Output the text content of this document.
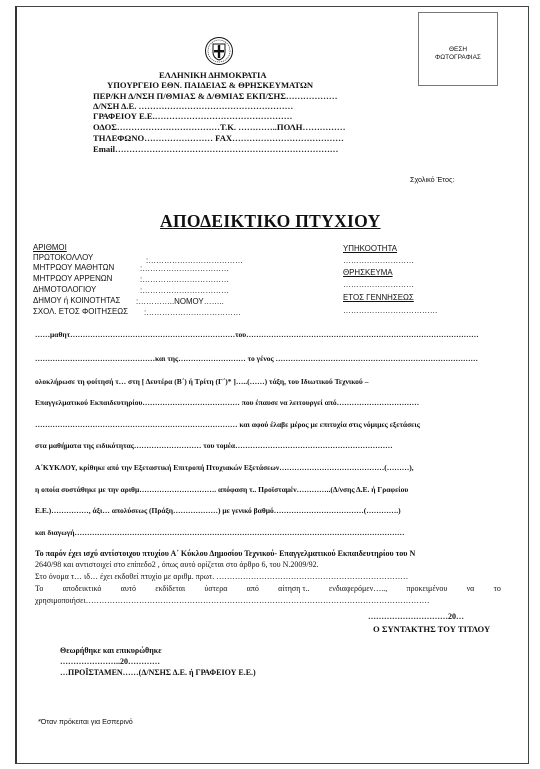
ΘΕΣΗ
ΦΩΤΟΓΡΑΦΙΑΣ
ΕΛΛΗΝΙΚΗ ΔΗΜΟΚΡΑΤΙΑ
ΥΠΟΥΡΓΕΙΟ ΕΘΝ. ΠΑΙΔΕΙΑΣ & ΘΡΗΣΚΕΥΜΑΤΩΝ
ΠΕΡ/ΚΗ Δ/ΝΣΗ Π/ΘΜΙΑΣ & Δ/ΘΜΙΑΣ ΕΚΠ/ΣΗΣ………………
Δ/ΝΣΗ Δ.Ε. ………………………………………………
ΓΡΑΦΕΙΟΥ Ε.Ε.…………………………………………
ΟΔΟΣ………………………………Τ.Κ. …………..ΠΟΛΗ……………
ΤΗΛΕΦΩΝΟ…………………… FAX…………………………………
Email……………………………………………………………………
Σχολικό Έτος:
ΑΠΟΔΕΙΚΤΙΚΟ ΠΤΥΧΙΟΥ
ΑΡΙΘΜΟΙ
ΠΡΩΤΟΚΟΛΛΟΥ	:………………………………
ΜΗΤΡΩΟΥ ΜΑΘΗΤΩΝ	:……………………………
ΜΗΤΡΩΟΥ ΑΡΡΕΝΩΝ	:……………………………
ΔΗΜΟΤΟΛΟΓΙΟΥ	:……………………………
ΔΗΜΟΥ ή ΚΟΙΝΟΤΗΤΑΣ :…………..ΝΟΜΟΥ……..
ΣΧΟΛ. ΕΤΟΣ ΦΟΙΤΗΣΕΩΣ :………………………………
ΥΠΗΚΟΟΤΗΤΑ
………………………
ΘΡΗΣΚΕΥΜΑ
………………………
ΕΤΟΣ ΓΕΝΝΗΣΕΩΣ
………………………………
……μαθητ…………………………………………………………του…………………………………………………………………………………
…………………………………………και της……………………… το γένος ………………………………………………………………………
ολοκλήρωσε τη φοίτησή τ… στη [ Δευτέρα (Β΄) ή Τρίτη (Γ΄)* ]…..(……) τάξη, του Ιδιωτικού Τεχνικού –
Επαγγελματικού Εκπαιδευτηρίου………………………………… που έπαυσε να λειτουργεί από……………………………
……………………………………………………………………… και αφού έλαβε μέρος με επιτυχία στις νόμιμες εξετάσεις
στα μαθήματα της ειδικότητας……………………… του τομέα………………………………………………………
Α΄ΚΥΚΛΟΥ, κρίθηκε από την Εξεταστική Επιτροπή Πτυχιακών Εξετάσεων……………………………………(………),
η οποία συστάθηκε με την αριθμ…………………………. απόφαση τ.. Προϊσταμέν…………..(Δ/νσης Δ.Ε. ή Γραφείου
Ε.Ε.)……………, άξι… απολύσεως (Πράξη………………) με γενικό βαθμό………………………………(………….)
και διαγωγή……………………………………………………………………………………………………………………
Το παρόν έχει ισχύ αντίστοιχου πτυχίου Α΄ Κύκλου Δημοσίου Τεχνικού- Επαγγελματικού Εκπαιδευτηρίου του Ν
2640/98 και αντιστοιχεί στο επίπεδο2 , όπως αυτό ορίζεται στο άρθρο 6, του Ν.2009/92.
Στο όνομα τ… ιδ… έχει εκδοθεί πτυχίο με αριθμ. πρωτ. ………………………………………………………………
Το αποδεικτικό αυτό εκδίδεται ύστερα από αίτηση τ.. ενδιαφερόμεν….., προκειμένου να το
χρησιμοποιήσει…………………………………………………………………………………………………………………
…………………………20…
Ο ΣΥΝΤΑΚΤΗΣ ΤΟΥ ΤΙΤΛΟΥ
Θεωρήθηκε και επικυρώθηκε
…………………..20…………
…ΠΡΟΪΣΤΑΜΕΝ……(Δ/ΝΣΗΣ Δ.Ε. ή ΓΡΑΦΕΙΟΥ Ε.Ε.)
*Όταν πρόκειται για Εσπερινό
